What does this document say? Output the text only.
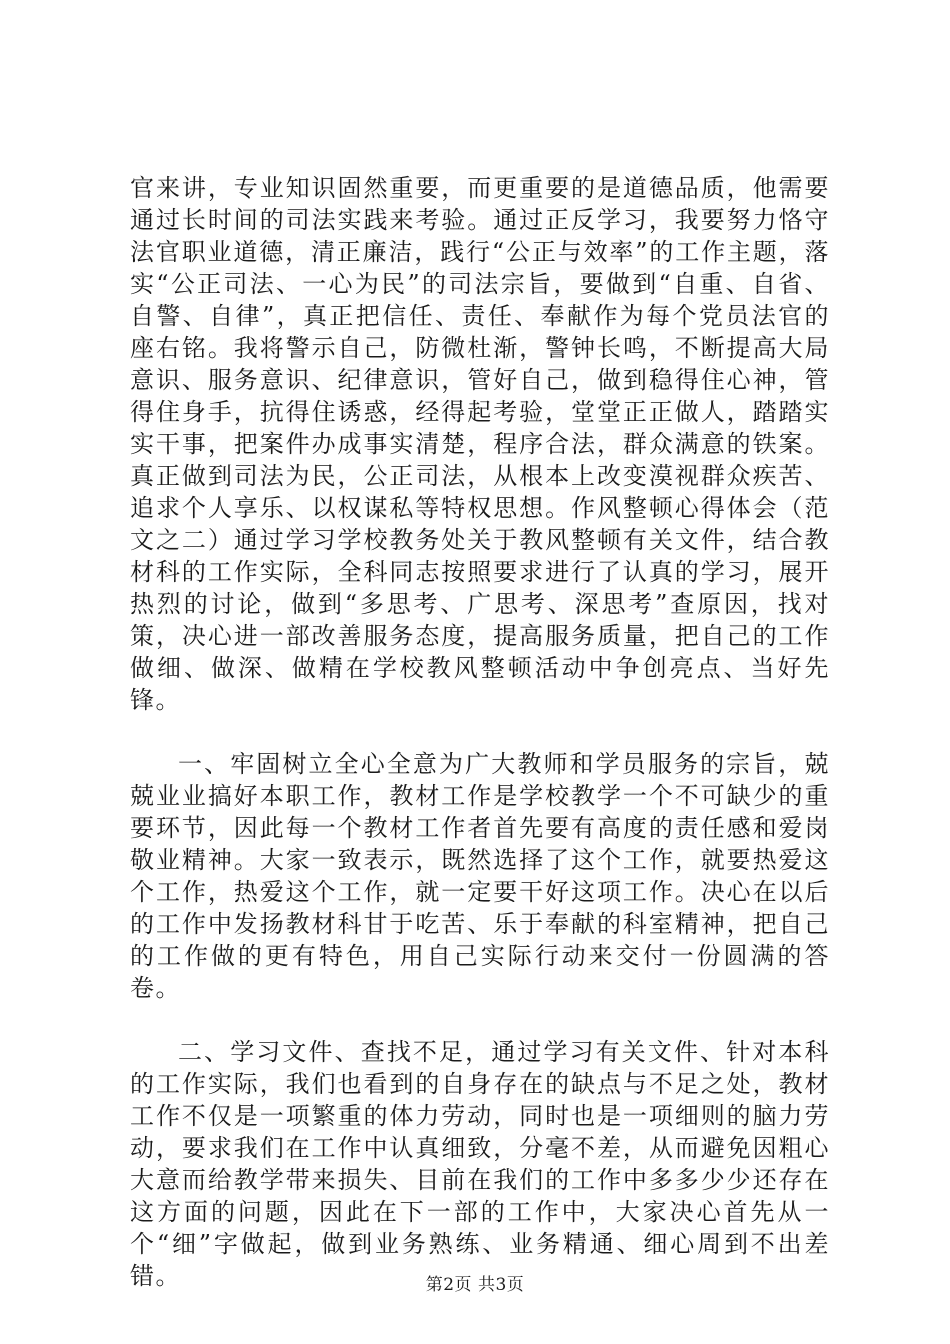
官来讲，专业知识固然重要，而更重要的是道德品质，他需要通过长时间的司法实践来考验。通过正反学习，我要努力恪守法官职业道德，清正廉洁，践行“公正与效率”的工作主题，落实“公正司法、一心为民”的司法宗旨，要做到“自重、自省、自警、自律”，真正把信任、责任、奉献作为每个党员法官的座右铭。我将警示自己，防微杜渐，警钟长鸣，不断提高大局意识、服务意识、纪律意识，管好自己，做到稳得住心神，管得住身手，抗得住诱惑，经得起考验，堂堂正正做人，踏踏实实干事，把案件办成事实清楚，程序合法，群众满意的铁案。真正做到司法为民，公正司法，从根本上改变漠视群众疾苦、追求个人享乐、以权谋私等特权思想。作风整顿心得体会（范文之二）通过学习学校教务处关于教风整顿有关文件，结合教材科的工作实际，全科同志按照要求进行了认真的学习，展开热烈的讨论，做到“多思考、广思考、深思考”查原因，找对策，决心进一部改善服务态度，提高服务质量，把自己的工作做细、做深、做精在学校教风整顿活动中争创亮点、当好先锋。

一、牢固树立全心全意为广大教师和学员服务的宗旨，兢兢业业搞好本职工作，教材工作是学校教学一个不可缺少的重要环节，因此每一个教材工作者首先要有高度的责任感和爱岗敬业精神。大家一致表示，既然选择了这个工作，就要热爱这个工作，热爱这个工作，就一定要干好这项工作。决心在以后的工作中发扬教材科甘于吃苦、乐于奉献的科室精神，把自己的工作做的更有特色，用自己实际行动来交付一份圆满的答卷。

二、学习文件、查找不足，通过学习有关文件、针对本科的工作实际，我们也看到的自身存在的缺点与不足之处，教材工作不仅是一项繁重的体力劳动，同时也是一项细则的脑力劳动，要求我们在工作中认真细致，分毫不差，从而避免因粗心大意而给教学带来损失、目前在我们的工作中多多少少还存在这方面的问题，因此在下一部的工作中，大家决心首先从一个“细”字做起，做到业务熟练、业务精通、细心周到不出差错。	第2页 共3页
